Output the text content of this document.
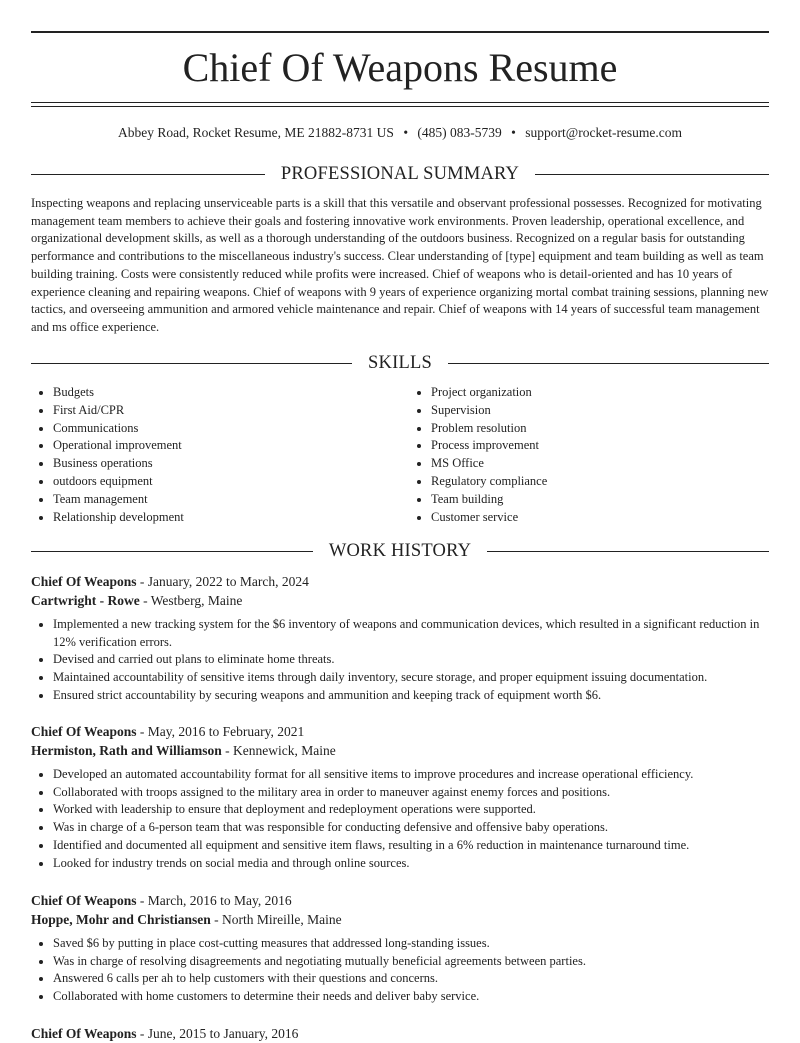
Chief Of Weapons Resume
Abbey Road, Rocket Resume, ME 21882-8731 US • (485) 083-5739 • support@rocket-resume.com
PROFESSIONAL SUMMARY

Inspecting weapons and replacing unserviceable parts is a skill that this versatile and observant professional possesses. Recognized for motivating management team members to achieve their goals and fostering innovative work environments. Proven leadership, operational excellence, and organizational development skills, as well as a thorough understanding of the outdoors business. Recognized on a regular basis for outstanding performance and contributions to the miscellaneous industry's success. Clear understanding of [type] equipment and team building as well as team building training. Costs were consistently reduced while profits were increased. Chief of weapons who is detail-oriented and has 10 years of experience cleaning and repairing weapons. Chief of weapons with 9 years of experience organizing mortal combat training sessions, planning new tactics, and overseeing ammunition and armored vehicle maintenance and repair. Chief of weapons with 14 years of successful team management and ms office experience.

SKILLS
• Budgets
• First Aid/CPR
• Communications
• Operational improvement
• Business operations
• outdoors equipment
• Team management
• Relationship development
• Project organization
• Supervision
• Problem resolution
• Process improvement
• MS Office
• Regulatory compliance
• Team building
• Customer service
WORK HISTORY
Chief Of Weapons - January, 2022 to March, 2024
Cartwright - Rowe - Westberg, Maine
• Implemented a new tracking system for the $6 inventory of weapons and communication devices, which resulted in a significant reduction in 12% verification errors.
• Devised and carried out plans to eliminate home threats.
• Maintained accountability of sensitive items through daily inventory, secure storage, and proper equipment issuing documentation.
• Ensured strict accountability by securing weapons and ammunition and keeping track of equipment worth $6.
Chief Of Weapons - May, 2016 to February, 2021
Hermiston, Rath and Williamson - Kennewick, Maine
• Developed an automated accountability format for all sensitive items to improve procedures and increase operational efficiency.
• Collaborated with troops assigned to the military area in order to maneuver against enemy forces and positions.
• Worked with leadership to ensure that deployment and redeployment operations were supported.
• Was in charge of a 6-person team that was responsible for conducting defensive and offensive baby operations.
• Identified and documented all equipment and sensitive item flaws, resulting in a 6% reduction in maintenance turnaround time.
• Looked for industry trends on social media and through online sources.
Chief Of Weapons - March, 2016 to May, 2016
Hoppe, Mohr and Christiansen - North Mireille, Maine
• Saved $6 by putting in place cost-cutting measures that addressed long-standing issues.
• Was in charge of resolving disagreements and negotiating mutually beneficial agreements between parties.
• Answered 6 calls per ah to help customers with their questions and concerns.
• Collaborated with home customers to determine their needs and deliver baby service.
Chief Of Weapons - June, 2015 to January, 2016
